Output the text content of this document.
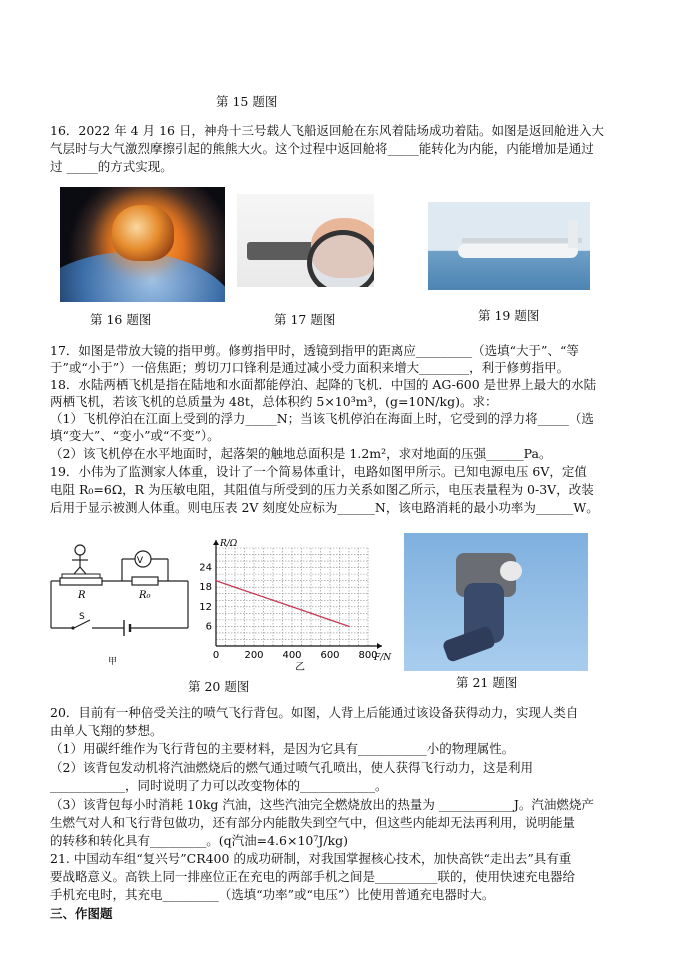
第 15 题图
16．2022 年 4 月 16 日，神舟十三号载人飞船返回舱在东风着陆场成功着陆。如图是返回舱进入大
气层时与大气激烈摩擦引起的熊熊大火。这个过程中返回舱将_____能转化为内能，内能增加是通过
过 _____的方式实现。
第 16 题图	第 17 题图	第 19 题图
17．如图是带放大镜的指甲剪。修剪指甲时，透镜到指甲的距离应_________（选填“大于”、“等
于”或“小于”）一倍焦距；剪切刀口锋利是通过减小受力面积来增大________，利于修剪指甲。
18．水陆两栖飞机是指在陆地和水面都能停泊、起降的飞机．中国的 AG-600 是世界上最大的水陆
两栖飞机，若该飞机的总质量为 48t，总体积约 5×10³m³，(g=10N/kg)。求：
（1）飞机停泊在江面上受到的浮力_____N；当该飞机停泊在海面上时，它受到的浮力将_____（选
填“变大”、“变小”或“不变”）。
（2）该飞机停在水平地面时，起落架的触地总面积是 1.2m²，求对地面的压强______Pa。
19．小伟为了监测家人体重，设计了一个简易体重计，电路如图甲所示。已知电源电压 6V，定值
电阻 R₀=6Ω，R 为压敏电阻，其阻值与所受到的压力关系如图乙所示，电压表量程为 0-3V，改装
后用于显示被测人体重。则电压表 2V 刻度处应标为______N，该电路消耗的最小功率为______W。
V
R	R₀
S
甲
0	200 400 600 800
6
12
18
24
R/Ω
F/N
乙
第 20 题图	第 21 题图
20．目前有一种倍受关注的喷气飞行背包。如图，人背上后能通过该设备获得动力，实现人类自
由单人飞翔的梦想。
（1）用碳纤维作为飞行背包的主要材料，是因为它具有___________小的物理属性。
（2）该背包发动机将汽油燃烧后的燃气通过喷气孔喷出，使人获得飞行动力，这是利用
____________，同时说明了力可以改变物体的____________。
（3）该背包每小时消耗 10kg 汽油，这些汽油完全燃烧放出的热量为 ____________J。汽油燃烧产
生燃气对人和飞行背包做功，还有部分内能散失到空气中，但这些内能却无法再利用，说明能量
的转移和转化具有_________。(q汽油=4.6×10⁷J/kg)
21. 中国动车组“复兴号”CR400 的成功研制，对我国掌握核心技术，加快高铁“走出去”具有重
要战略意义。高铁上同一排座位正在充电的两部手机之间是__________联的，使用快速充电器给
手机充电时，其充电_________（选填“功率”或“电压”）比使用普通充电器时大。
三、作图题
